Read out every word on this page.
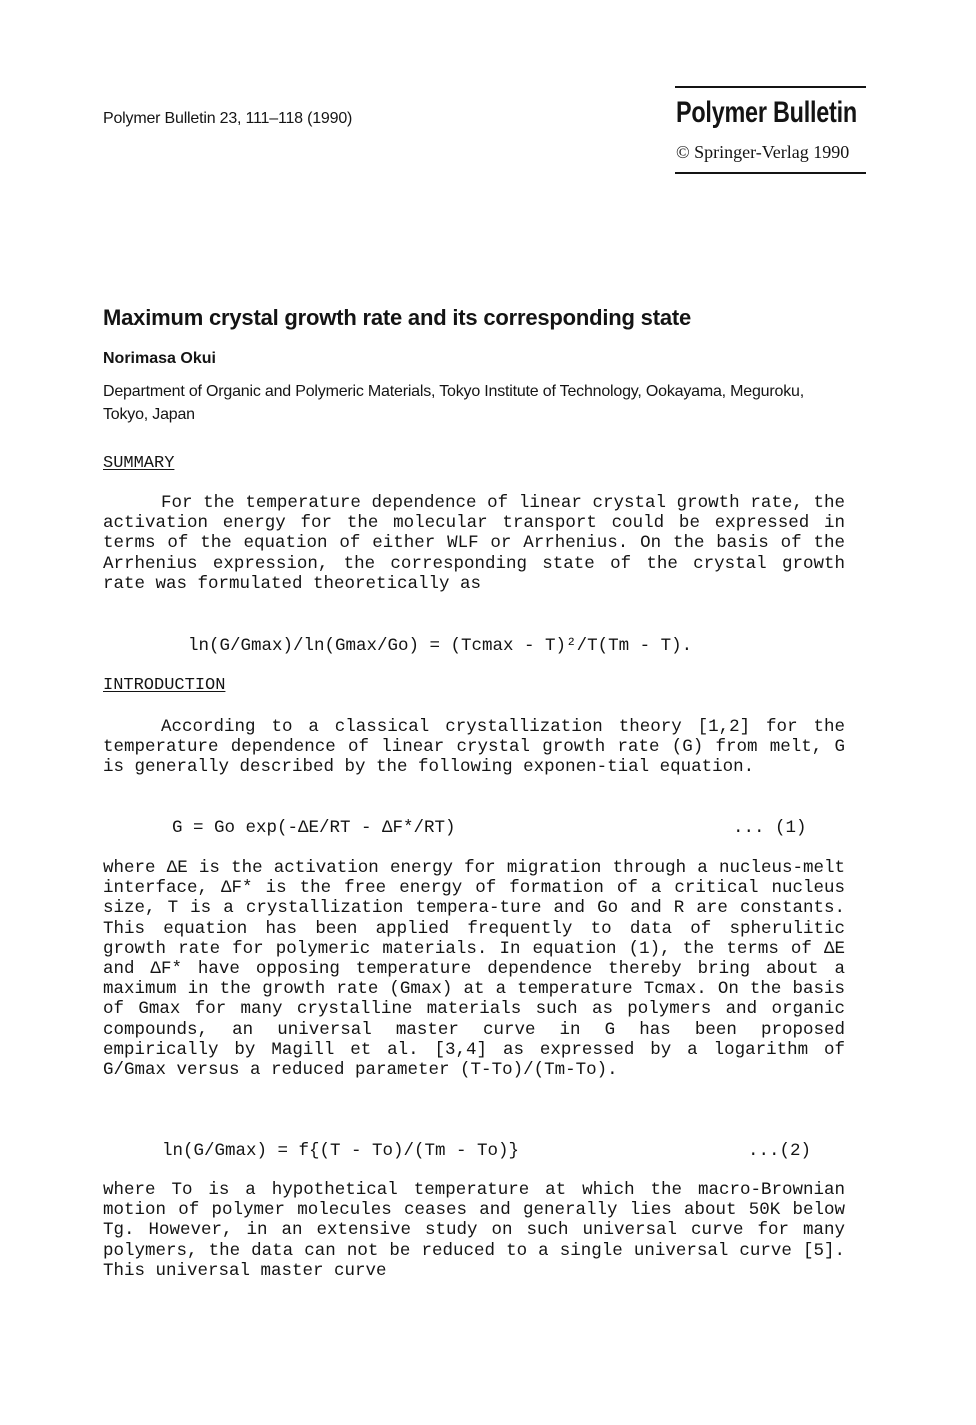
Polymer Bulletin 23, 111–118 (1990)	Polymer Bulletin
© Springer-Verlag 1990
Maximum crystal growth rate and its corresponding state
Norimasa Okui
Department of Organic and Polymeric Materials, Tokyo Institute of Technology, Ookayama, Meguroku, Tokyo, Japan
SUMMARY
For the temperature dependence of linear crystal growth rate, the activation energy for the molecular transport could be expressed in terms of the equation of either WLF or Arrhenius. On the basis of the Arrhenius expression, the corresponding state of the crystal growth rate was formulated theoretically as
ln(G/Gmax)/ln(Gmax/Go) = (Tcmax - T)²/T(Tm - T).
INTRODUCTION
According to a classical crystallization theory [1,2] for the temperature dependence of linear crystal growth rate (G) from melt, G is generally described by the following exponen-tial equation.
G = Go exp(-ΔE/RT - ΔF*/RT)	... (1)
where ΔE is the activation energy for migration through a nucleus-melt interface, ΔF* is the free energy of formation of a critical nucleus size, T is a crystallization tempera-ture and Go and R are constants. This equation has been applied frequently to data of spherulitic growth rate for polymeric materials. In equation (1), the terms of ΔE and ΔF* have opposing temperature dependence thereby bring about a maximum in the growth rate (Gmax) at a temperature Tcmax. On the basis of Gmax for many crystalline materials such as polymers and organic compounds, an universal master curve in G has been proposed empirically by Magill et al. [3,4] as expressed by a logarithm of G/Gmax versus a reduced parameter (T-To)/(Tm-To).
ln(G/Gmax) = f{(T - To)/(Tm - To)}	...(2)
where To is a hypothetical temperature at which the macro-Brownian motion of polymer molecules ceases and generally lies about 50K below Tg. However, in an extensive study on such universal curve for many polymers, the data can not be reduced to a single universal curve [5]. This universal master curve
